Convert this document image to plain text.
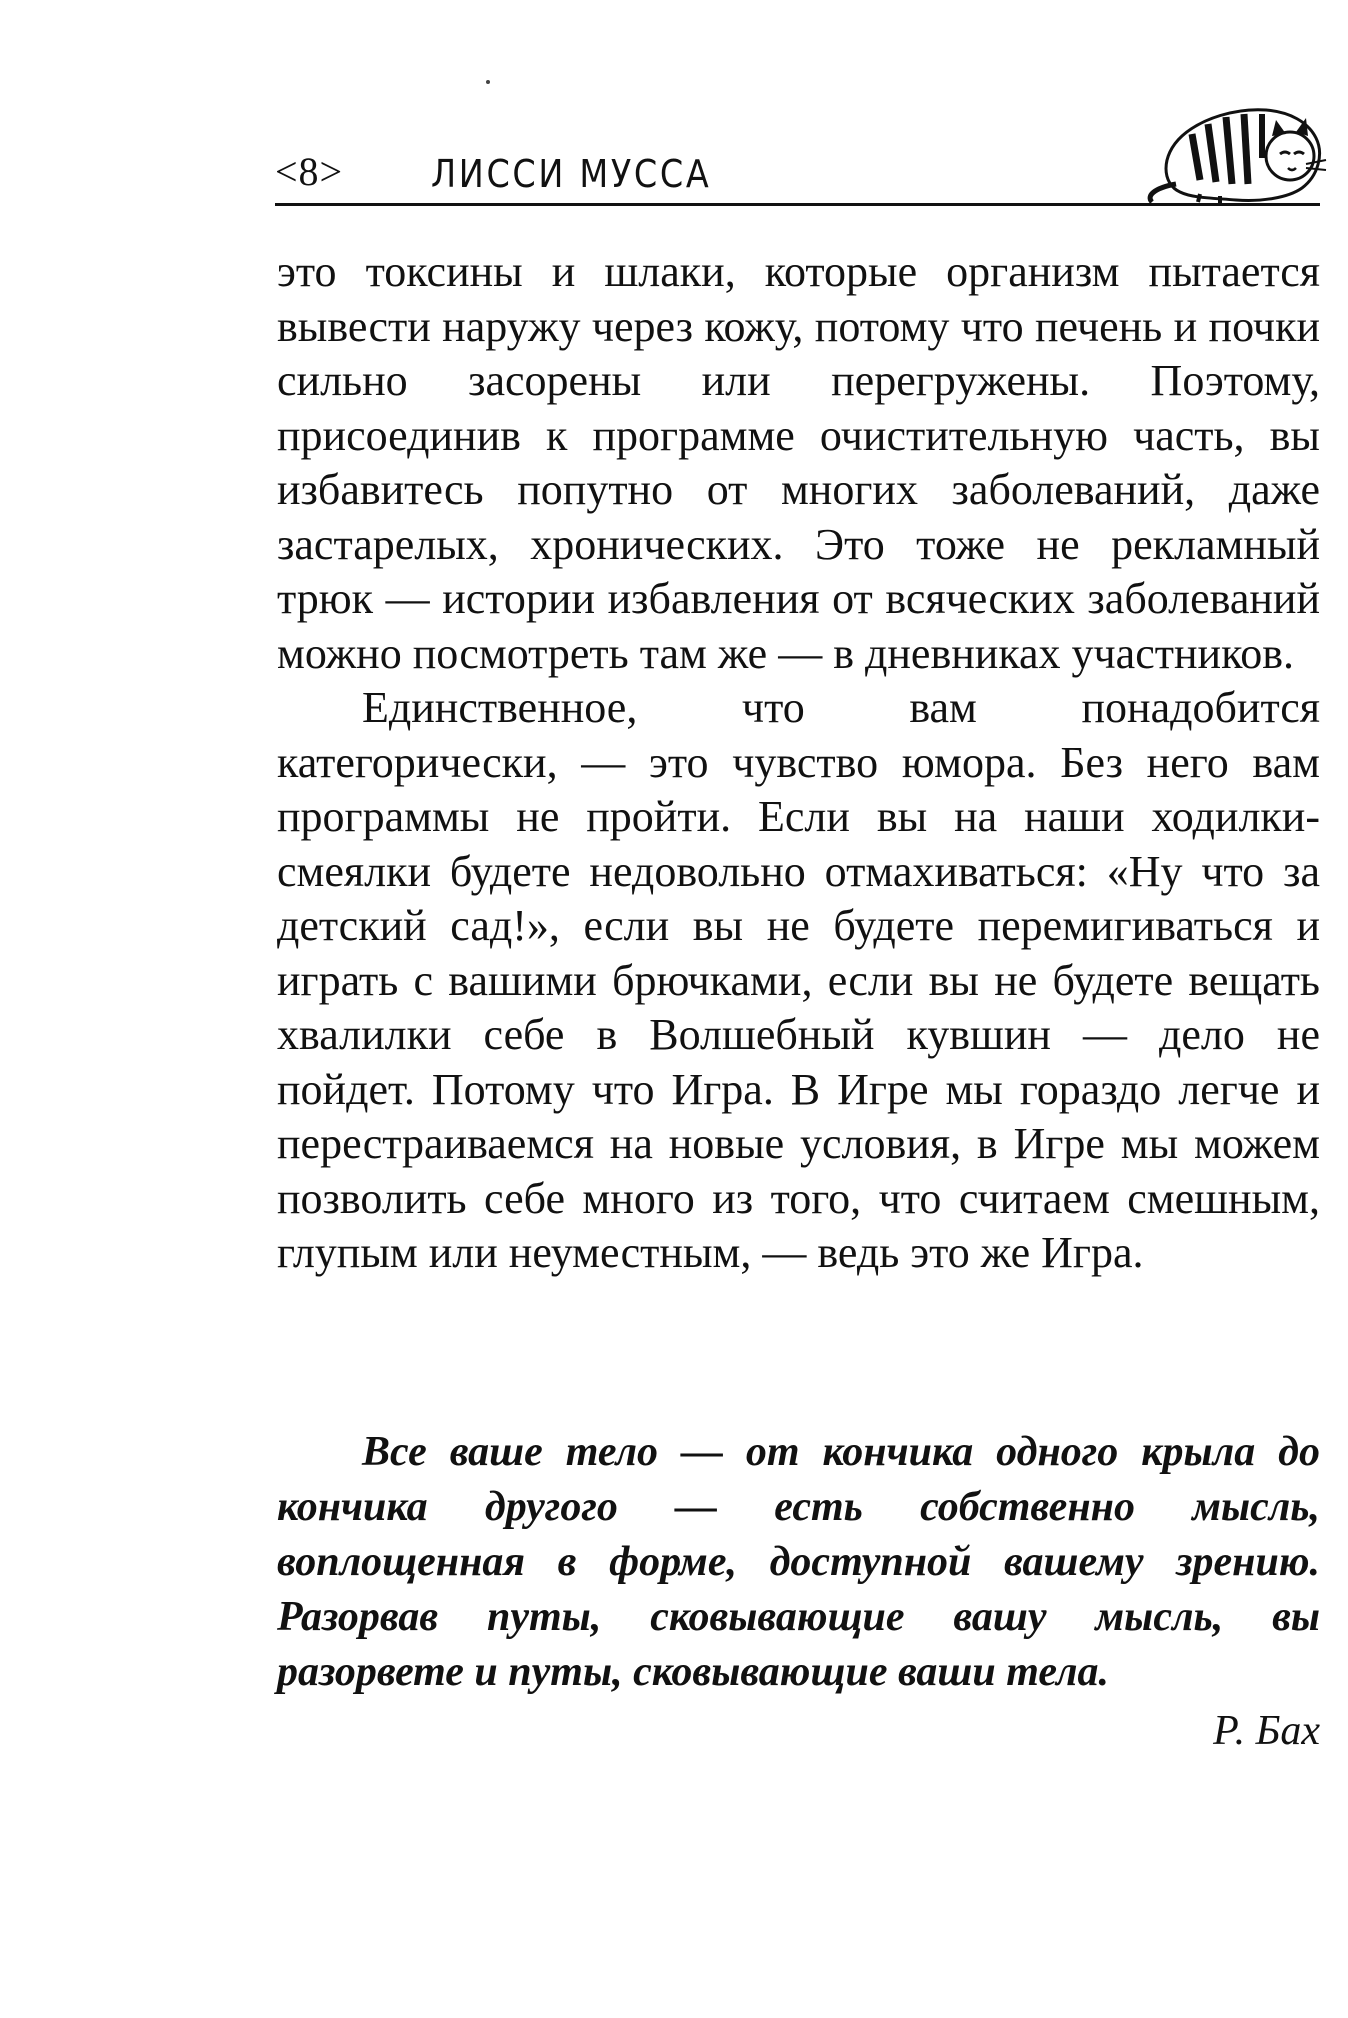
<8> ЛИССИ МУССА

это токсины и шлаки, которые организм пытается вывести наружу через кожу, потому что печень и почки сильно засорены или перегружены. Поэтому, присоединив к программе очистительную часть, вы избавитесь попутно от многих заболеваний, даже застарелых, хронических. Это тоже не рекламный трюк — истории избавления от всяческих заболеваний можно посмотреть там же — в дневниках участников.

Единственное, что вам понадобится категорически, — это чувство юмора. Без него вам программы не пройти. Если вы на наши ходилки-смеялки будете недовольно отмахиваться: «Ну что за детский сад!», если вы не будете перемигиваться и играть с вашими брючками, если вы не будете вещать хвалилки себе в Волшебный кувшин — дело не пойдет. Потому что Игра. В Игре мы гораздо легче и перестраиваемся на новые условия, в Игре мы можем позволить себе много из того, что считаем смешным, глупым или неуместным, — ведь это же Игра.

Все ваше тело — от кончика одного крыла до кончика другого — есть собственно мысль, воплощенная в форме, доступной вашему зрению. Разорвав путы, сковывающие вашу мысль, вы разорвете и путы, сковывающие ваши тела.

Р. Бах
